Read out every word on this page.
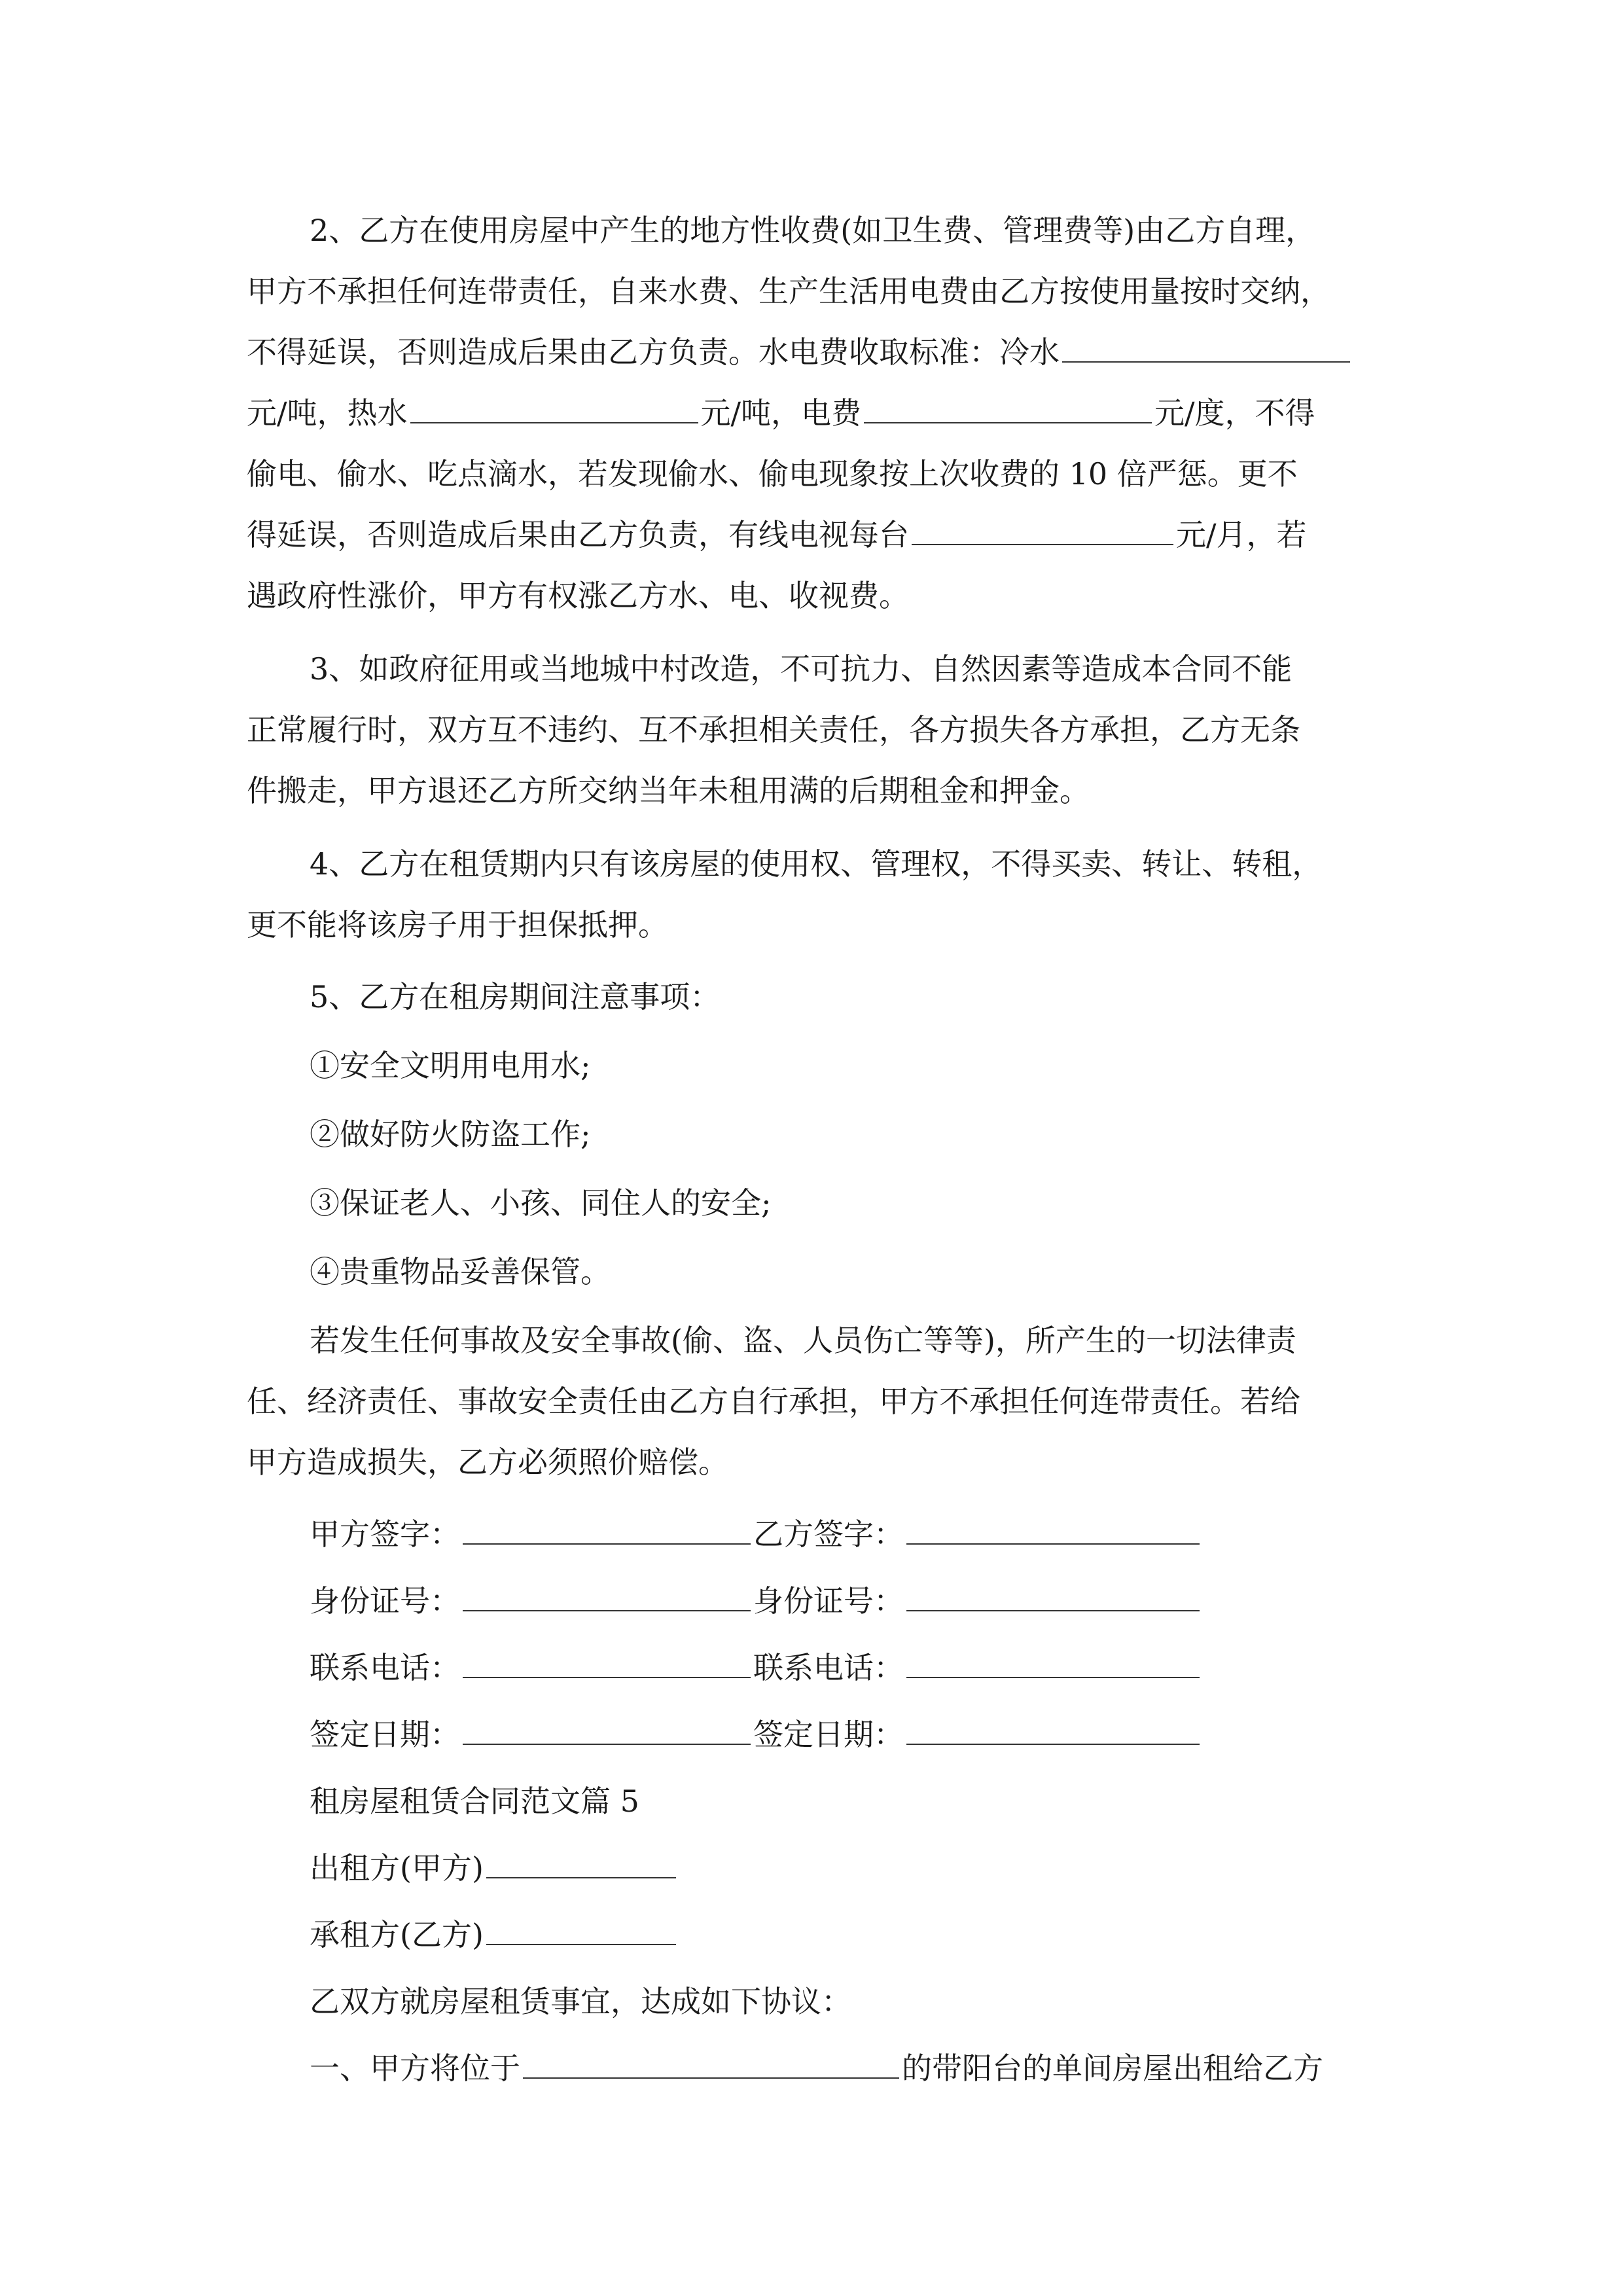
2、乙方在使用房屋中产生的地方性收费(如卫生费、管理费等)由乙方自理，
甲方不承担任何连带责任，自来水费、生产生活用电费由乙方按使用量按时交纳，
不得延误，否则造成后果由乙方负责。水电费收取标准：冷水
元/吨，热水	元/吨，电费	元/度，不得
偷电、偷水、吃点滴水，若发现偷水、偷电现象按上次收费的 10 倍严惩。更不
得延误，否则造成后果由乙方负责，有线电视每台	元/月，若
遇政府性涨价，甲方有权涨乙方水、电、收视费。
3、如政府征用或当地城中村改造，不可抗力、自然因素等造成本合同不能
正常履行时，双方互不违约、互不承担相关责任，各方损失各方承担，乙方无条
件搬走，甲方退还乙方所交纳当年未租用满的后期租金和押金。
4、乙方在租赁期内只有该房屋的使用权、管理权，不得买卖、转让、转租，
更不能将该房子用于担保抵押。
5、乙方在租房期间注意事项：
①安全文明用电用水;
②做好防火防盗工作;
③保证老人、小孩、同住人的安全;
④贵重物品妥善保管。
若发生任何事故及安全事故(偷、盗、人员伤亡等等)，所产生的一切法律责
任、经济责任、事故安全责任由乙方自行承担，甲方不承担任何连带责任。若给
甲方造成损失，乙方必须照价赔偿。
甲方签字：	乙方签字：
身份证号：	身份证号：
联系电话：	联系电话：
签定日期：	签定日期：
租房屋租赁合同范文篇 5
出租方(甲方)
承租方(乙方)
乙双方就房屋租赁事宜，达成如下协议：
一、甲方将位于	的带阳台的单间房屋出租给乙方
